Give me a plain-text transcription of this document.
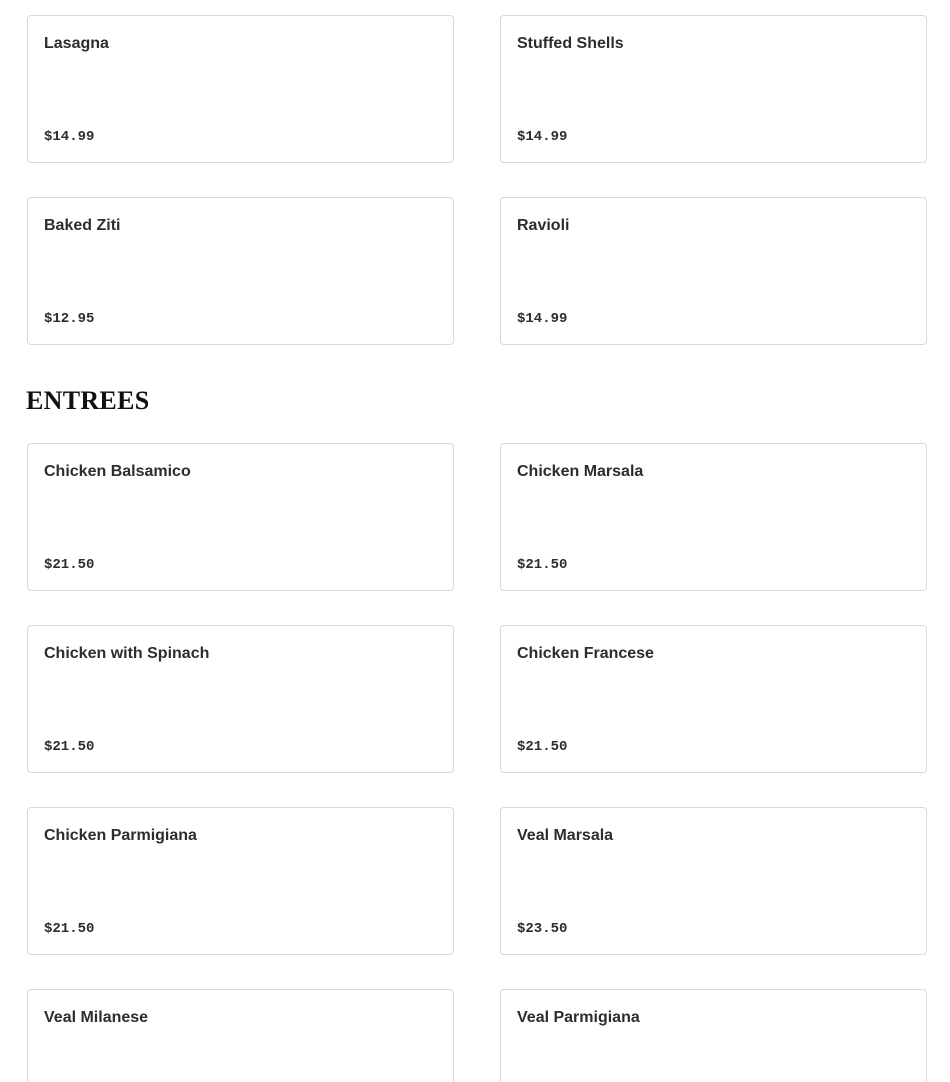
Lasagna
$14.99
Stuffed Shells
$14.99
Baked Ziti
$12.95
Ravioli
$14.99
ENTREES
Chicken Balsamico
$21.50
Chicken Marsala
$21.50
Chicken with Spinach
$21.50
Chicken Francese
$21.50
Chicken Parmigiana
$21.50
Veal Marsala
$23.50
Veal Milanese	Veal Parmigiana
